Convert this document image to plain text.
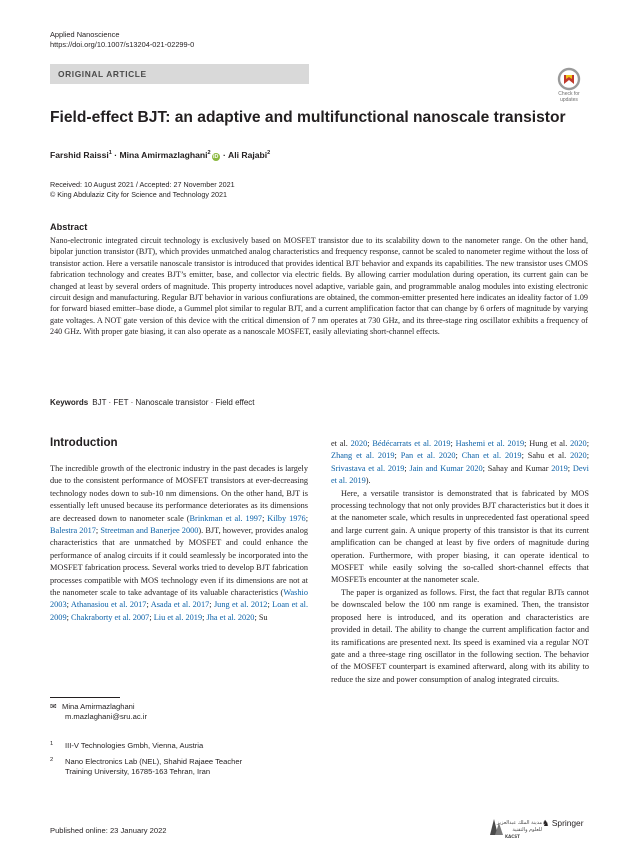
Applied Nanoscience
https://doi.org/10.1007/s13204-021-02299-0
ORIGINAL ARTICLE
Check for
updates
Field-effect BJT: an adaptive and multifunctional nanoscale transistor
Farshid Raissi$^1$ · Mina Amirmazlaghani$^2$iD · Ali Rajabi$^2$
Received: 10 August 2021 / Accepted: 27 November 2021
© King Abdulaziz City for Science and Technology 2021
Abstract

Nano-electronic integrated circuit technology is exclusively based on MOSFET transistor due to its scalability down to the nanometer range. On the other hand, bipolar junction transistor (BJT), which provides unmatched analog characteristics and frequency response, cannot be scaled to nanometer regime without the loss of transistor action. Here a versatile nanoscale transistor is introduced that provides identical BJT behavior and expands its capabilities. The new transistor uses CMOS fabrication technology and creates BJT’s emitter, base, and collector via electric fields. By allowing carrier modulation during operation, its current gain can be changed at least by several orders of magnitude. This property introduces novel adaptive, variable gain, and programmable analog modules into existing electronic circuit design and manufacturing. Regular BJT behavior in various confiurations are obtained, the common-emitter presented here indicates an ideality factor of 1.09 for forward biased emitter–base diode, a Gummel plot similar to regular BJT, and a current amplification factor that can change by 6 orfers of magnitude by varying gate voltages. A NOT gate version of this device with the critical dimension of 7 nm operates at 730 GHz, and its three-stage ring oscillator exhibits a frequency of 240 GHz. With proper gate biasing, it can also operate as a nanoscale MOSFET, easily alleviating short-channel effects.

Keywords BJT · FET · Nanoscale transistor · Field effect
Introduction

The incredible growth of the electronic industry in the past decades is largely due to the consistent performance of MOSFET transistors at ever-decreasing technology nodes down to sub-10 nm dimensions. On the other hand, BJT is essentially left unused because its performance deteriorates as its dimensions are decreased down to nanometer scale (Brinkman et al. 1997; Kilby 1976; Balestra 2017; Streetman and Banerjee 2000). BJT, however, provides analog characteristics that are unmatched by MOSFET and could enhance the performance of analog circuits if it could seamlessly be incorporated into the MOSFET fabrication process. Several works tried to develop BJT fabrication processes compatible with MOS technology even if its dimensions are not at the nanometer scale to take advantage of its valuable characteristics (Washio 2003; Athanasiou et al. 2017; Asada et al. 2017; Jung et al. 2012; Loan et al. 2009; Chakraborty et al. 2007; Liu et al. 2019; Jha et al. 2020; Su

et al. 2020; Bédécarrats et al. 2019; Hashemi et al. 2019; Hung et al. 2020; Zhang et al. 2019; Pan et al. 2020; Chan et al. 2019; Sahu et al. 2020; Srivastava et al. 2019; Jain and Kumar 2020; Sahay and Kumar 2019; Devi et al. 2019).

Here, a versatile transistor is demonstrated that is fabricated by MOS processing technology that not only provides BJT characteristics but it does it at the nanometer scale, which results in unprecedented fast operational speed and large current gain. A unique property of this transistor is that its current amplification can be changed at least by five orders of magnitude during operation. Furthermore, with proper biasing, it can operate identical to MOSFET while easily solving the so-called short-channel effects that MOSFETs encounter at the nanometer scale.

The paper is organized as follows. First, the fact that regular BJTs cannot be downscaled below the 100 nm range is examined. Then, the transistor proposed here is introduced, and its operation and characteristics are provided in detail. The ability to change the current amplification factor and its ramifications are presented next. Its speed is examined via a regular NOT gate and a three-stage ring oscillator in the following section. The behavior of the MOSFET counterpart is examined afterward, along with its ability to reduce the size and power consumption of analog integrated circuits.

✉ Mina Amirmazlaghani
m.mazlaghani@sru.ac.ir
1 III-V Technologies Gmbh, Vienna, Austria
2 Nano Electronics Lab (NEL), Shahid Rajaee Teacher
Training University, 16785-163 Tehran, Iran
Published online: 23 January 2022
مدينة الملك عبدالعزيز
للعلوم والتقنية
KACST
♞ Springer
